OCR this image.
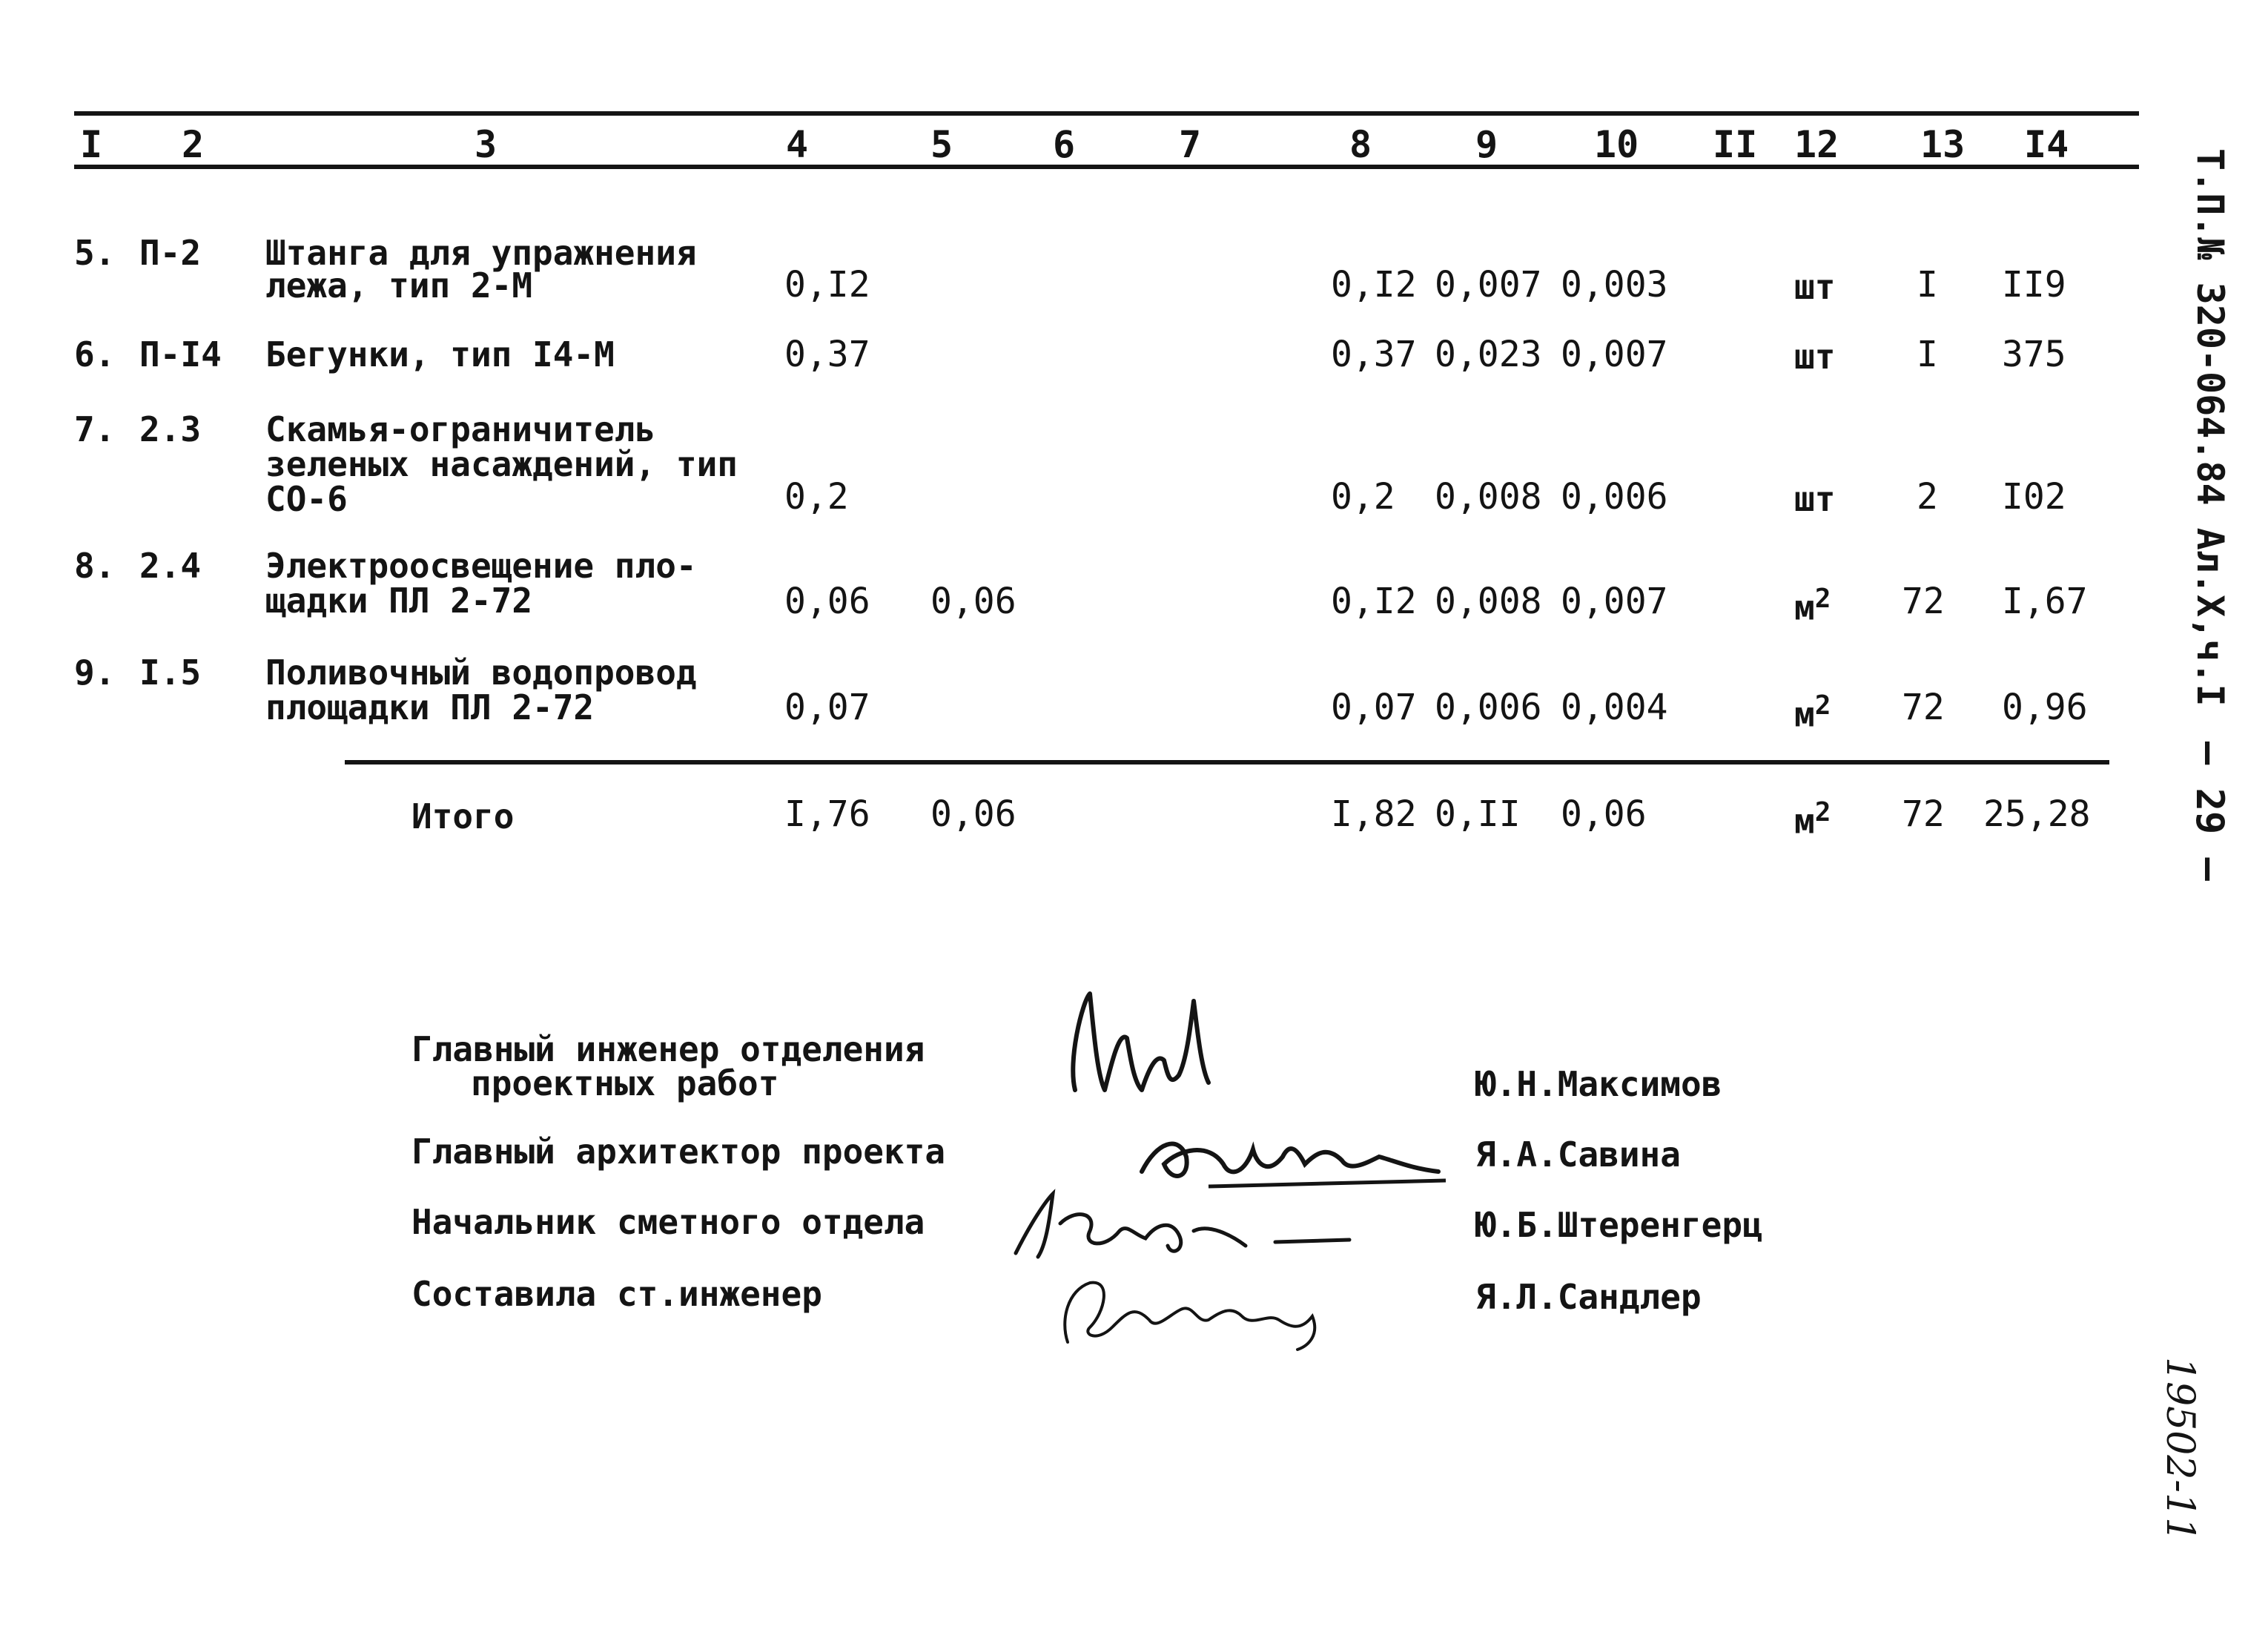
I 2	3	4	5	6	7	8	9	10 II 12 13 I4
5. П-2 Штанга для упражнения
лежа, тип 2-М	0,I2	0,I2 0,007 0,003	шт I II9
6. П-I4 Бегунки, тип I4-М	0,37	0,37 0,023 0,007	шт I 375
7. 2.3 Скамья-ограничитель
зеленых насаждений, тип
СО-6	0,2	0,2 0,008 0,006	шт 2 I02
8. 2.4 Электроосвещение пло-
щадки ПЛ 2-72	0,06 0,06	0,I2 0,008 0,007	$м^2$ 72 I,67
9. I.5 Поливочный водопровод
площадки ПЛ 2-72	0,07	0,07 0,006 0,004	$м^2$ 72 0,96
Итого	I,76 0,06	I,82 0,II 0,06	$м^2$ 72 25,28
Главный инженер отделения
проектных работ	Ю.Н.Максимов
Главный архитектор проекта	Я.А.Савина
Начальник сметного отдела	Ю.Б.Штеренгерц
Составила ст.инженер	Я.Л.Сандлер
Т.П.№ 320-064.84 Ал.Х,ч.I
— 29 —
19502-11
